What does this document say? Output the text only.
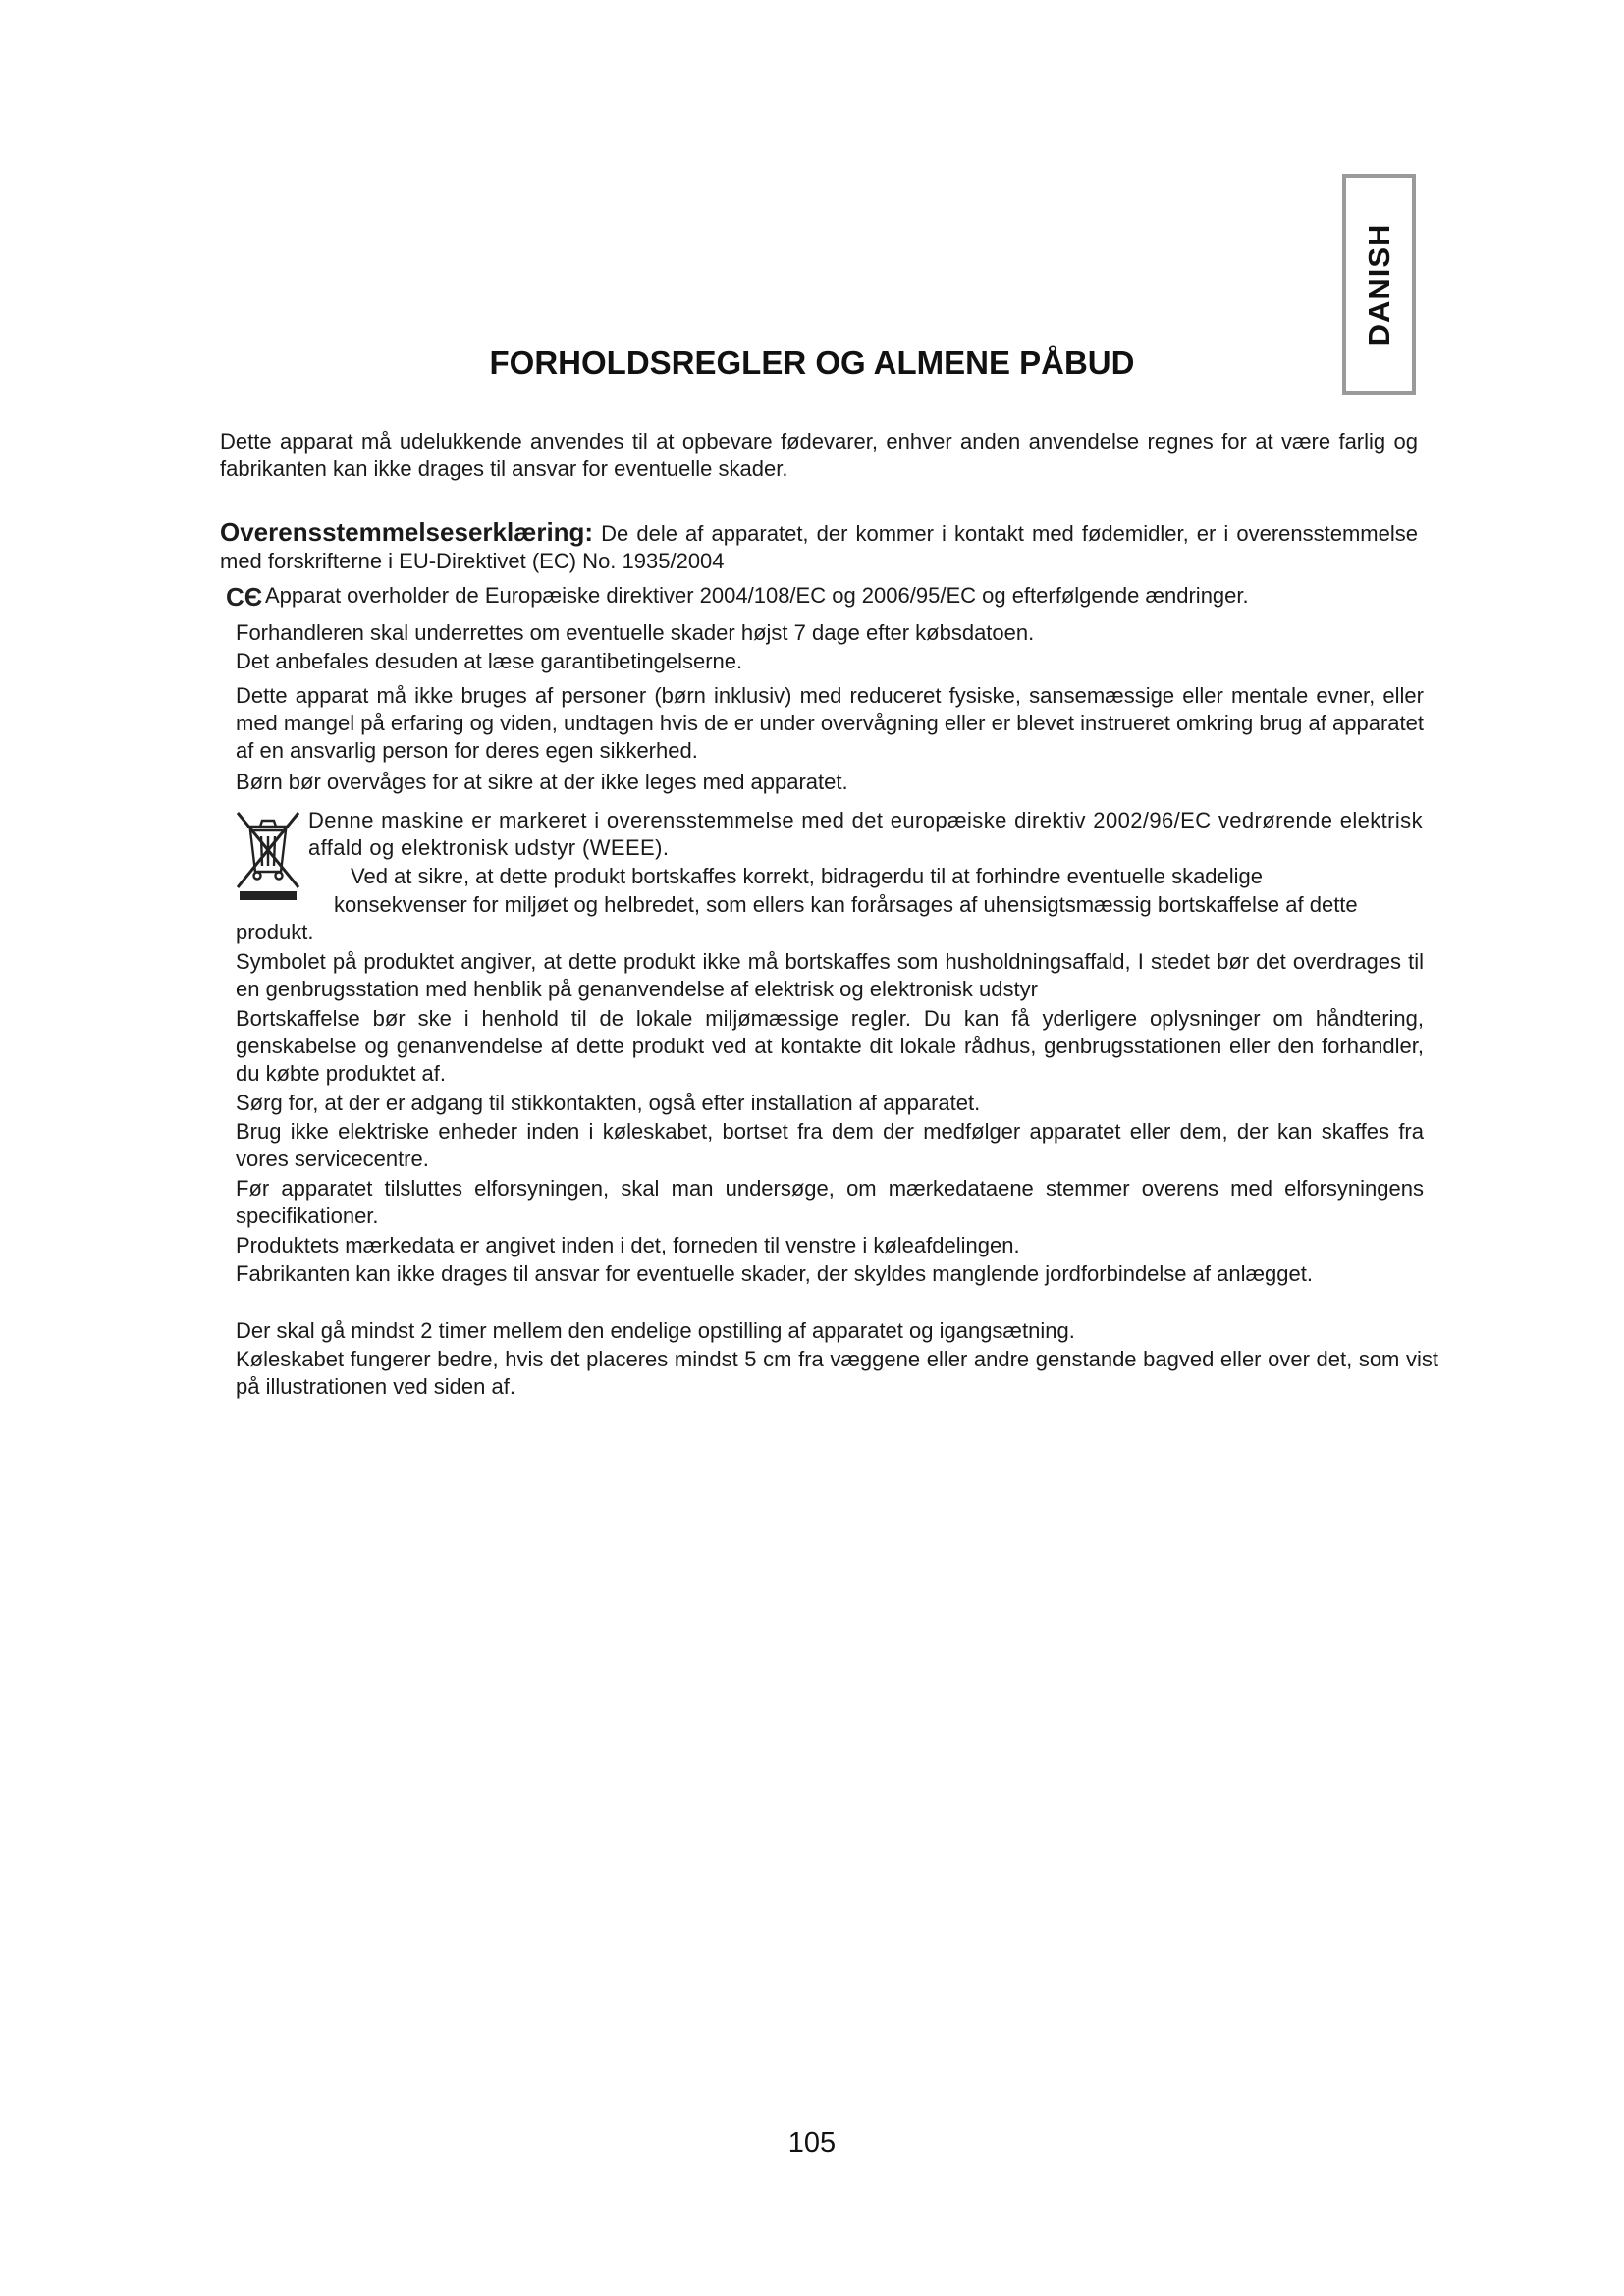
DANISH
FORHOLDSREGLER OG ALMENE PÅBUD

Dette apparat må udelukkende anvendes til at opbevare fødevarer, enhver anden anvendelse regnes for at være farlig og fabrikanten kan ikke drages til ansvar for eventuelle skader.

Overensstemmelseserklæring: De dele af apparatet, der kommer i kontakt med fødemidler, er i overensstemmelse med forskrifterne i EU-Direktivet (EC) No. 1935/2004

CЄ Apparat overholder de Europæiske direktiver 2004/108/EC og 2006/95/EC og efterfølgende ændringer.

Forhandleren skal underrettes om eventuelle skader højst 7 dage efter købsdatoen.

Det anbefales desuden at læse garantibetingelserne.

Dette apparat må ikke bruges af personer (børn inklusiv) med reduceret fysiske, sansemæssige eller mentale evner, eller med mangel på erfaring og viden, undtagen hvis de er under overvågning eller er blevet instrueret omkring brug af apparatet af en ansvarlig person for deres egen sikkerhed.

Børn bør overvåges for at sikre at der ikke leges med apparatet.

Denne maskine er markeret i overensstemmelse med det europæiske direktiv 2002/96/EC vedrørende elektrisk affald og elektronisk udstyr (WEEE).

Ved at sikre, at dette produkt bortskaffes korrekt, bidragerdu til at forhindre eventuelle skadelige

konsekvenser for miljøet og helbredet, som ellers kan forårsages af uhensigtsmæssig bortskaffelse af dette produkt.

Symbolet på produktet angiver, at dette produkt ikke må bortskaffes som husholdningsaffald, I stedet bør det overdrages til en genbrugsstation med henblik på genanvendelse af elektrisk og elektronisk udstyr

Bortskaffelse bør ske i henhold til de lokale miljømæssige regler. Du kan få yderligere oplysninger om håndtering, genskabelse og genanvendelse af dette produkt ved at kontakte dit lokale rådhus, genbrugsstationen eller den forhandler, du købte produktet af.

Sørg for, at der er adgang til stikkontakten, også efter installation af apparatet.

Brug ikke elektriske enheder inden i køleskabet, bortset fra dem der medfølger apparatet eller dem, der kan skaffes fra vores servicecentre.

Før apparatet tilsluttes elforsyningen, skal man undersøge, om mærkedataene stemmer overens med elforsyningens specifikationer.

Produktets mærkedata er angivet inden i det, forneden til venstre i køleafdelingen.

Fabrikanten kan ikke drages til ansvar for eventuelle skader, der skyldes manglende jordforbindelse af anlægget.

Der skal gå mindst 2 timer mellem den endelige opstilling af apparatet og igangsætning.

Køleskabet fungerer bedre, hvis det placeres mindst 5 cm fra væggene eller andre genstande bagved eller over det, som vist på illustrationen ved siden af.

105
